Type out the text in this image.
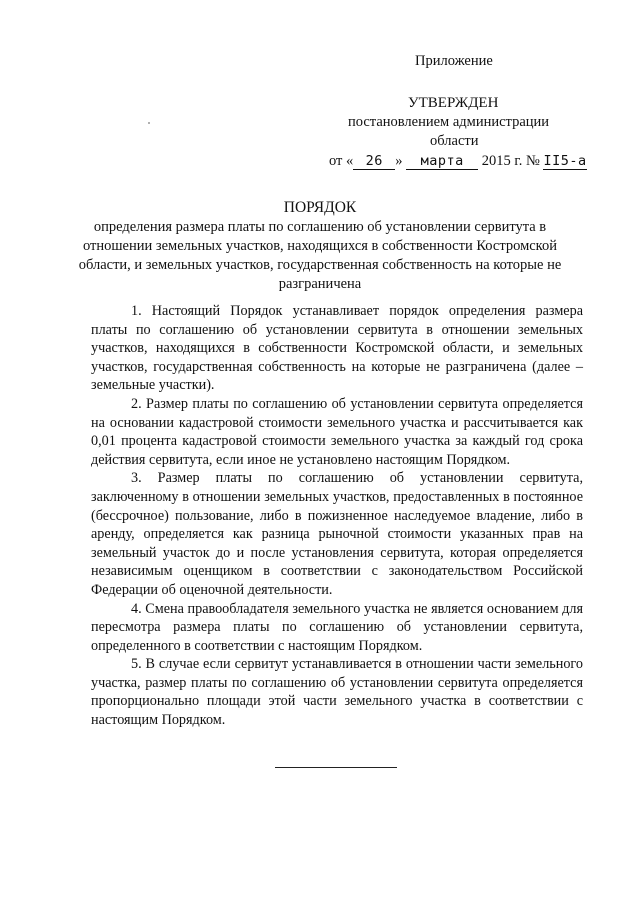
Приложение
УТВЕРЖДЕН
постановлением администрации
области
от « 26 » марта 2015 г. № II5-а
ПОРЯДОК
определения размера платы по соглашению об установлении сервитута в отношении земельных участков, находящихся в собственности Костромской области, и земельных участков, государственная собственность на которые не разграничена

1. Настоящий Порядок устанавливает порядок определения размера платы по соглашению об установлении сервитута в отношении земельных участков, находящихся в собственности Костромской области, и земельных участков, государственная собственность на которые не разграничена (далее – земельные участки).

2. Размер платы по соглашению об установлении сервитута определяется на основании кадастровой стоимости земельного участка и рассчитывается как 0,01 процента кадастровой стоимости земельного участка за каждый год срока действия сервитута, если иное не установлено настоящим Порядком.

3. Размер платы по соглашению об установлении сервитута, заключенному в отношении земельных участков, предоставленных в постоянное (бессрочное) пользование, либо в пожизненное наследуемое владение, либо в аренду, определяется как разница рыночной стоимости указанных прав на земельный участок до и после установления сервитута, которая определяется независимым оценщиком в соответствии с законодательством Российской Федерации об оценочной деятельности.

4. Смена правообладателя земельного участка не является основанием для пересмотра размера платы по соглашению об установлении сервитута, определенного в соответствии с настоящим Порядком.

5. В случае если сервитут устанавливается в отношении части земельного участка, размер платы по соглашению об установлении сервитута определяется пропорционально площади этой части земельного участка в соответствии с настоящим Порядком.
